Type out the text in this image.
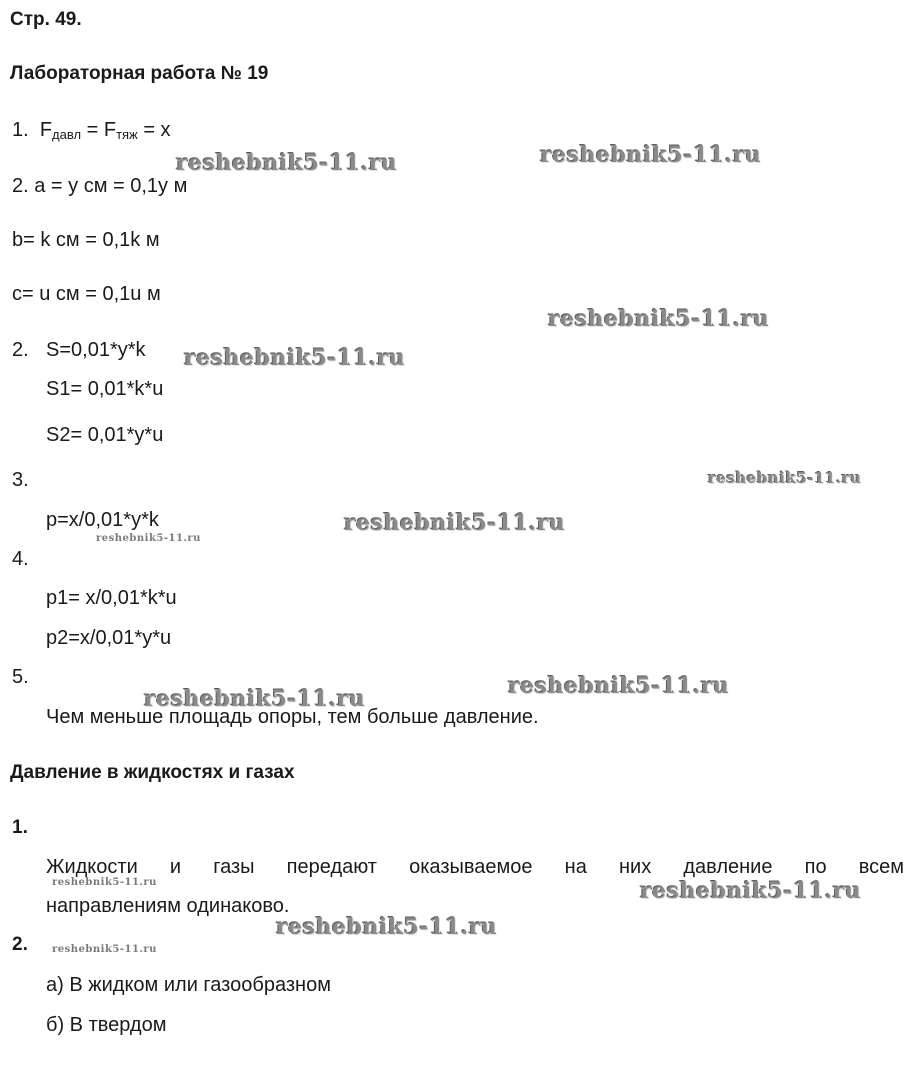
Стр. 49.
Лабораторная работа № 19
1. $F_{давл} = F_{тяж} = x$
2. a = y см = 0,1y м
b= k см = 0,1k м
c= u см = 0,1u м
2. S=0,01*y*k
S1= 0,01*k*u
S2= 0,01*y*u
3.
p=x/0,01*y*k
4.
p1= x/0,01*k*u
p2=x/0,01*y*u
5.
Чем меньше площадь опоры, тем больше давление.
Давление в жидкостях и газах
1.
Жидкости и газы передают оказываемое на них давление по всем
направлениям одинаково.
2.
а) В жидком или газообразном
б) В твердом
reshebnik5-11.ru	reshebnik5-11.ru
reshebnik5-11.ru
reshebnik5-11.ru
reshebnik5-11.ru
reshebnik5-11.ru
reshebnik5-11.ru
reshebnik5-11.ru
reshebnik5-11.ru
reshebnik5-11.ru	reshebnik5-11.ru
reshebnik5-11.ru
reshebnik5-11.ru
